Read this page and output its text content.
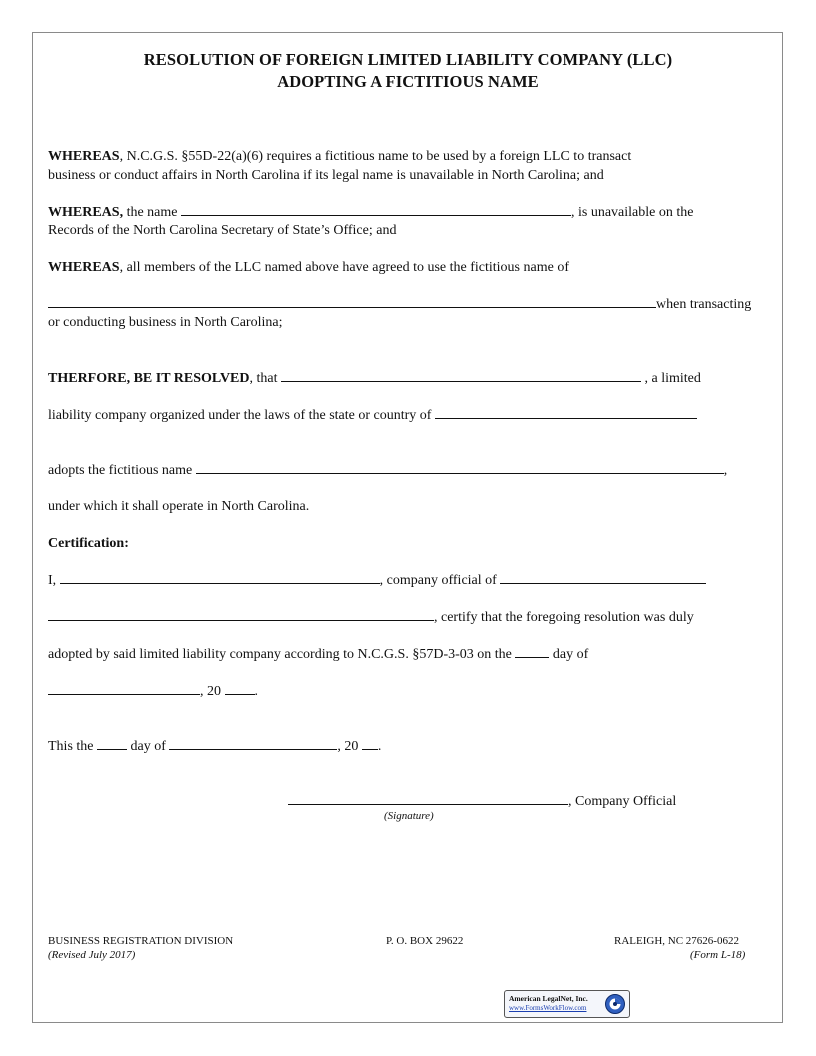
RESOLUTION OF FOREIGN LIMITED LIABILITY COMPANY (LLC)
ADOPTING A FICTITIOUS NAME
WHEREAS, N.C.G.S. §55D-22(a)(6) requires a fictitious name to be used by a foreign LLC to transact
business or conduct affairs in North Carolina if its legal name is unavailable in North Carolina; and
WHEREAS, the name	, is unavailable on the
Records of the North Carolina Secretary of State’s Office; and
WHEREAS, all members of the LLC named above have agreed to use the fictitious name of
when transacting
or conducting business in North Carolina;
THERFORE, BE IT RESOLVED, that	, a limited
liability company organized under the laws of the state or country of
adopts the fictitious name	,
under which it shall operate in North Carolina.
Certification:
I,	, company official of
, certify that the foregoing resolution was duly
adopted by said limited liability company according to N.C.G.S. §57D-3-03 on the  day of
, 20 .
This the  day of	, 20 .
, Company Official
(Signature)
BUSINESS REGISTRATION DIVISION
(Revised July 2017)
P. O. BOX 29622	RALEIGH, NC 27626-0622
(Form L-18)
American LegalNet, Inc.
www.FormsWorkFlow.com
